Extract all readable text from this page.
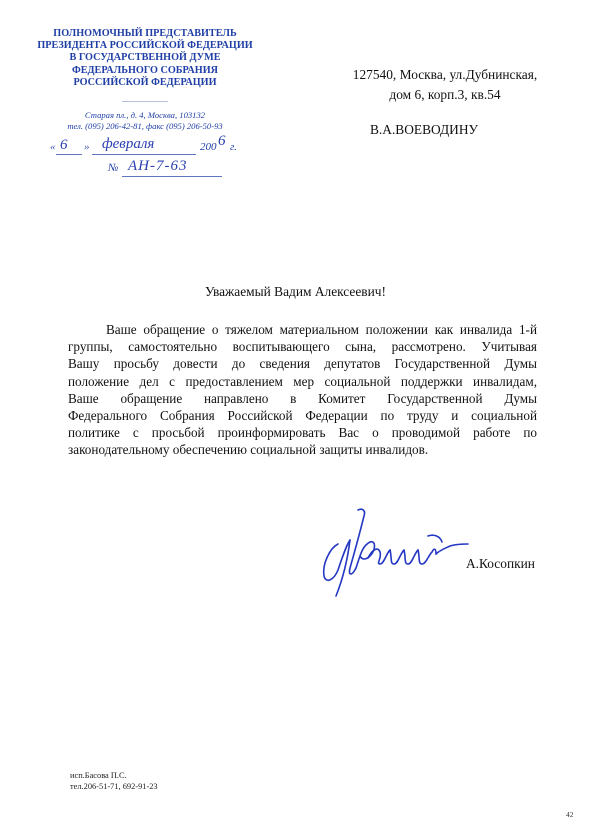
ПОЛНОМОЧНЫЙ ПРЕДСТАВИТЕЛЬ
ПРЕЗИДЕНТА РОССИЙСКОЙ ФЕДЕРАЦИИ
В ГОСУДАРСТВЕННОЙ ДУМЕ
ФЕДЕРАЛЬНОГО СОБРАНИЯ
РОССИЙСКОЙ ФЕДЕРАЦИИ
Старая пл., д. 4, Москва, 103132
тел. (095) 206-42-81, факс (095) 206-50-93
« 6 » февраля	200 6 г.
№ АН-7-63
127540, Москва, ул.Дубнинская,
дом 6, корп.3, кв.54
В.А.ВОЕВОДИНУ
Уважаемый Вадим Алексеевич!
Ваше обращение о тяжелом материальном положении как инвалида 1-й
группы, самостоятельно воспитывающего сына, рассмотрено. Учитывая
Вашу просьбу довести до сведения депутатов Государственной Думы
положение дел с предоставлением мер социальной поддержки инвалидам,
Ваше обращение направлено в Комитет Государственной Думы
Федерального Собрания Российской Федерации по труду и социальной
политике с просьбой проинформировать Вас о проводимой работе по
законодательному обеспечению социальной защиты инвалидов.
А.Косопкин
исп.Басова П.С.
тел.206-51-71, 692-91-23
42
